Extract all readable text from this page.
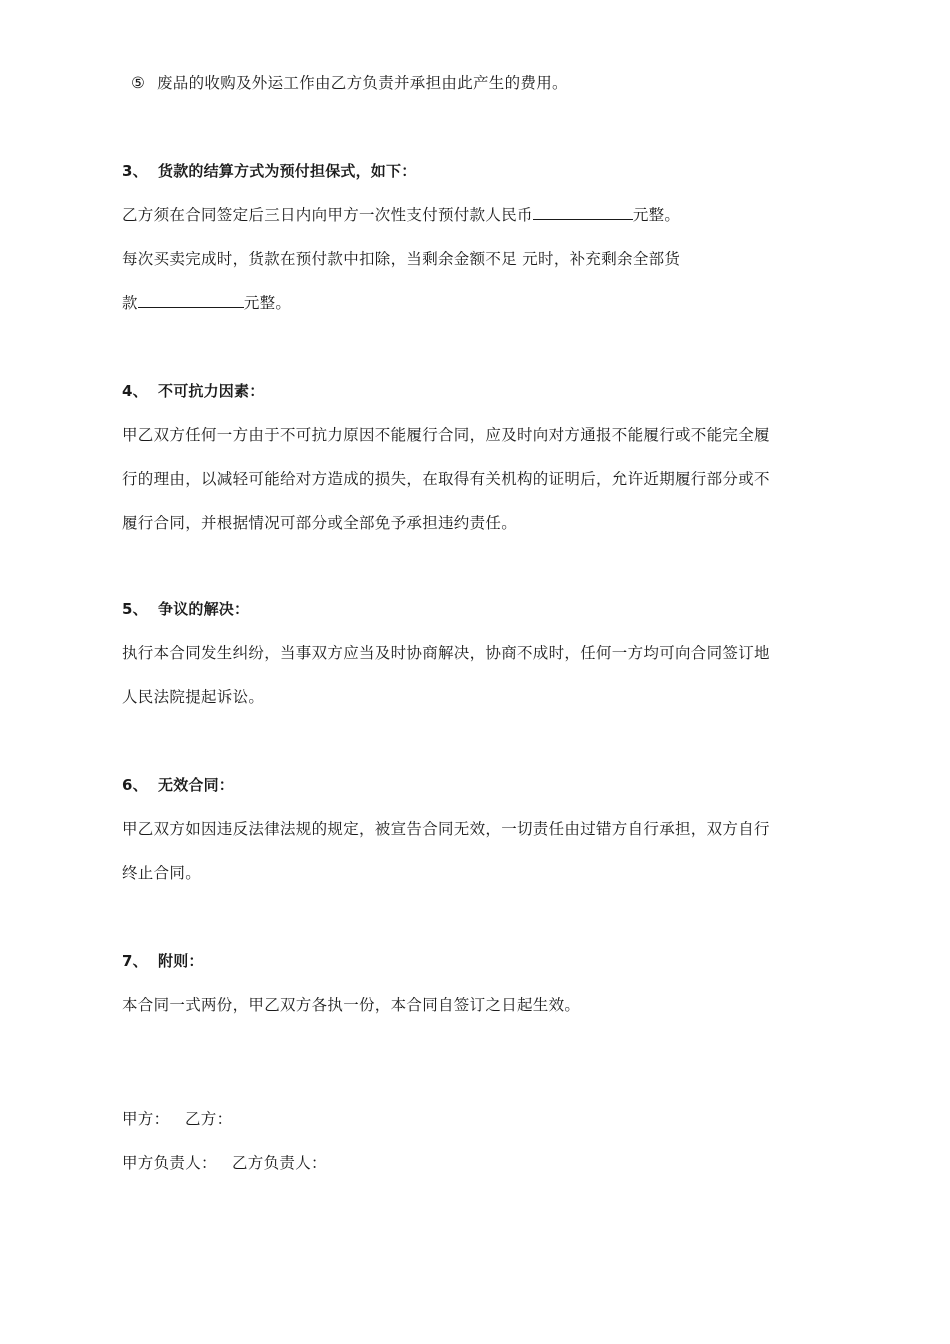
⑤ 废品的收购及外运工作由乙方负责并承担由此产生的费用。
3、 货款的结算方式为预付担保式，如下：
乙方须在合同签定后三日内向甲方一次性支付预付款人民币	元整。
每次买卖完成时，货款在预付款中扣除，当剩余金额不足 元时，补充剩余全部货
款	元整。
4、 不可抗力因素：
甲乙双方任何一方由于不可抗力原因不能履行合同，应及时向对方通报不能履行或不能完全履
行的理由，以减轻可能给对方造成的损失，在取得有关机构的证明后，允许近期履行部分或不
履行合同，并根据情况可部分或全部免予承担违约责任。
5、 争议的解决：
执行本合同发生纠纷，当事双方应当及时协商解决，协商不成时，任何一方均可向合同签订地
人民法院提起诉讼。
6、 无效合同：
甲乙双方如因违反法律法规的规定，被宣告合同无效，一切责任由过错方自行承担，双方自行
终止合同。
7、 附则：
本合同一式两份，甲乙双方各执一份，本合同自签订之日起生效。
甲方： 乙方：
甲方负责人： 乙方负责人：
